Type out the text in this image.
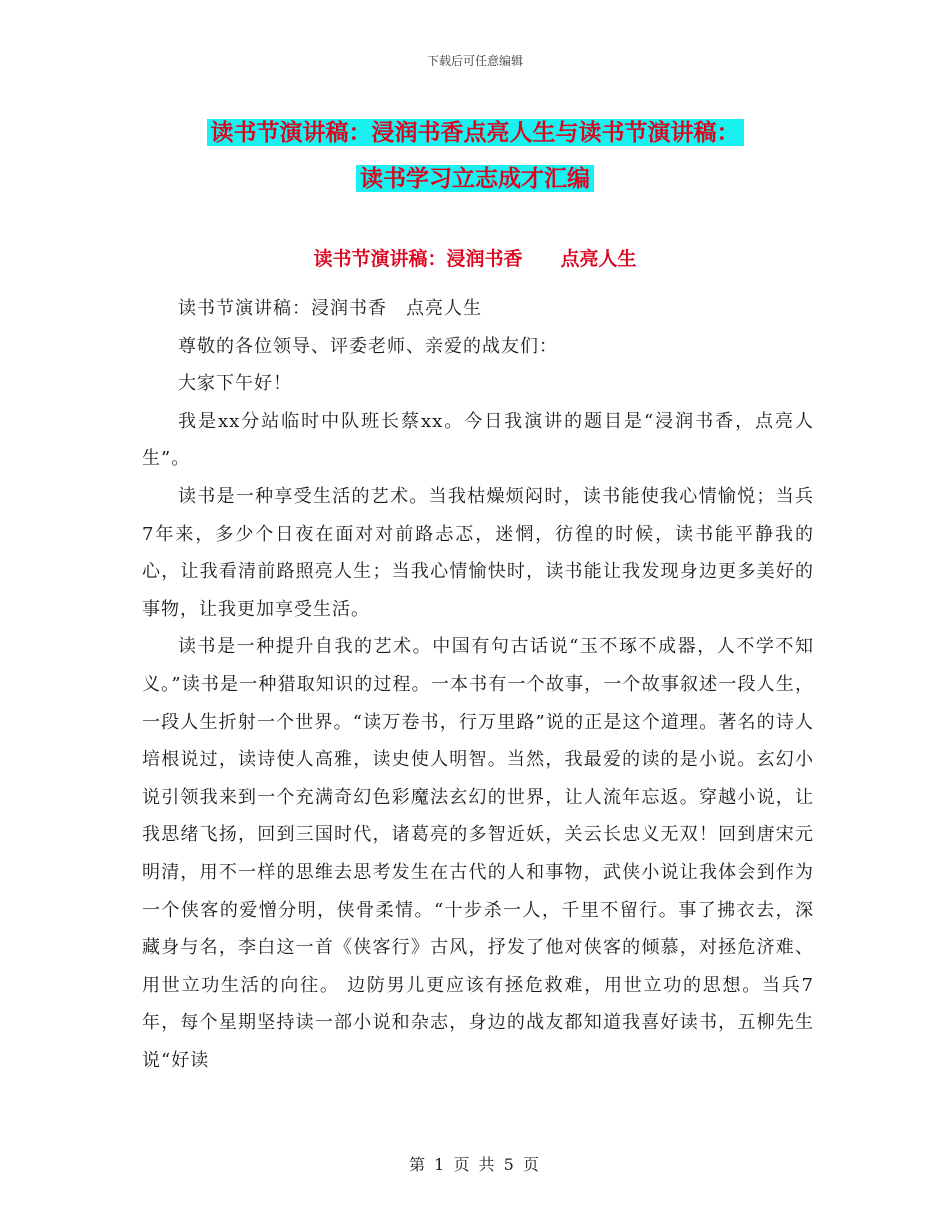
下载后可任意编辑
读书节演讲稿：浸润书香点亮人生与读书节演讲稿：
读书学习立志成才汇编
读书节演讲稿：浸润书香　　点亮人生

读书节演讲稿：浸润书香　点亮人生

尊敬的各位领导、评委老师、亲爱的战友们：

大家下午好！

我是xx分站临时中队班长蔡xx。今日我演讲的题目是“浸润书香，点亮人生”。

读书是一种享受生活的艺术。当我枯燥烦闷时，读书能使我心情愉悦；当兵7年来，多少个日夜在面对对前路忐忑，迷惘，彷徨的时候，读书能平静我的心，让我看清前路照亮人生；当我心情愉快时，读书能让我发现身边更多美好的事物，让我更加享受生活。

读书是一种提升自我的艺术。中国有句古话说“玉不琢不成器，人不学不知义。”读书是一种猎取知识的过程。一本书有一个故事，一个故事叙述一段人生，一段人生折射一个世界。“读万卷书，行万里路”说的正是这个道理。著名的诗人培根说过，读诗使人高雅，读史使人明智。当然，我最爱的读的是小说。玄幻小说引领我来到一个充满奇幻色彩魔法玄幻的世界，让人流年忘返。穿越小说，让我思绪飞扬，回到三国时代，诸葛亮的多智近妖，关云长忠义无双！回到唐宋元明清，用不一样的思维去思考发生在古代的人和事物，武侠小说让我体会到作为一个侠客的爱憎分明，侠骨柔情。“十步杀一人，千里不留行。事了拂衣去，深藏身与名，李白这一首《侠客行》古风，抒发了他对侠客的倾慕，对拯危济难、用世立功生活的向往。 边防男儿更应该有拯危救难，用世立功的思想。当兵7年，每个星期坚持读一部小说和杂志，身边的战友都知道我喜好读书，五柳先生说“好读

第 1 页 共 5 页
